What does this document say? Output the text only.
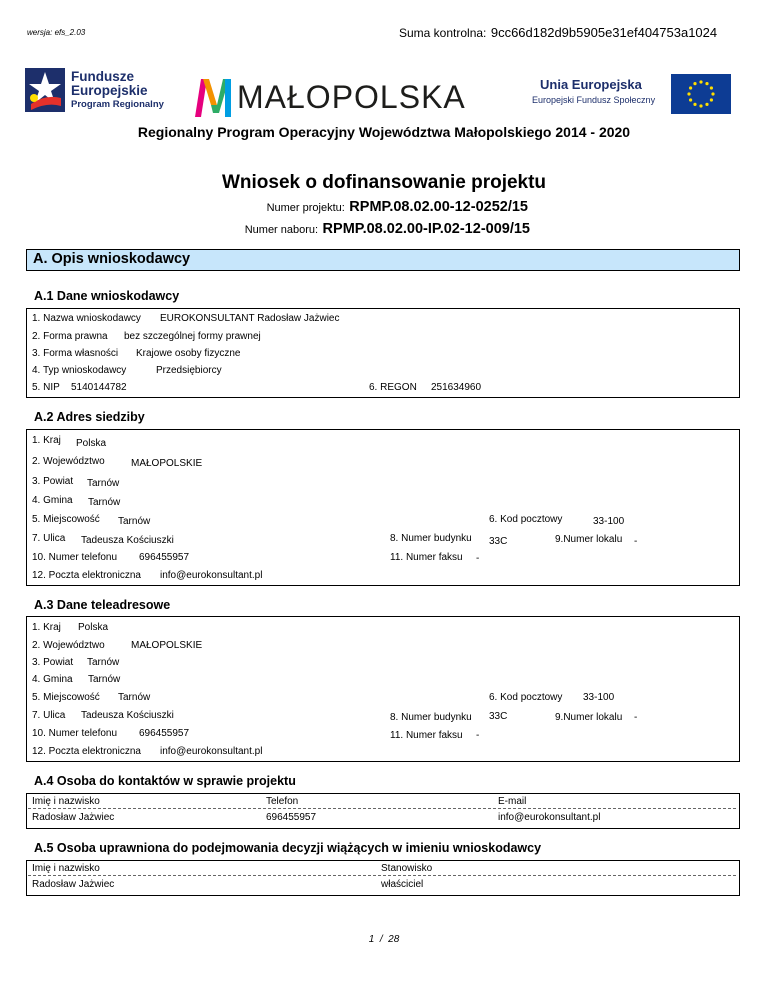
wersja: efs_2.03	Suma kontrolna: 9cc66d182d9b5905e31ef404753a1024
Fundusze
Europejskie
Program Regionalny MAŁOPOLSKA	Unia Europejska
Europejski Fundusz Społeczny
Regionalny Program Operacyjny Województwa Małopolskiego 2014 - 2020
Wniosek o dofinansowanie projektu
Numer projektu: RPMP.08.02.00-12-0252/15
Numer naboru: RPMP.08.02.00-IP.02-12-009/15
A. Opis wnioskodawcy
A.1 Dane wnioskodawcy
1. Nazwa wnioskodawcy EUROKONSULTANT Radosław Jażwiec
2. Forma prawna bez szczególnej formy prawnej
3. Forma własności Krajowe osoby fizyczne
4. Typ wnioskodawcy	Przedsiębiorcy
5. NIP 5140144782	6. REGON 251634960
A.2 Adres siedziby
1. Kraj Polska
2. Województwo	MAŁOPOLSKIE
3. Powiat Tarnów
4. Gmina Tarnów
5. Miejscowość Tarnów	6. Kod pocztowy	33-100
7. Ulica Tadeusza Kościuszki	8. Numer budynku 33C	9.Numer lokalu -
10. Numer telefonu 696455957	11. Numer faksu -
12. Poczta elektroniczna info@eurokonsultant.pl
A.3 Dane teleadresowe
1. Kraj Polska
2. Województwo	MAŁOPOLSKIE
3. Powiat Tarnów
4. Gmina Tarnów
5. Miejscowość Tarnów	6. Kod pocztowy 33-100
7. Ulica Tadeusza Kościuszki	8. Numer budynku 33C	9.Numer lokalu -
10. Numer telefonu 696455957	11. Numer faksu -
12. Poczta elektroniczna info@eurokonsultant.pl
A.4 Osoba do kontaktów w sprawie projektu
Imię i nazwisko	Telefon	E-mail
Radosław Jażwiec	696455957	info@eurokonsultant.pl
A.5 Osoba uprawniona do podejmowania decyzji wiążących w imieniu wnioskodawcy
Imię i nazwisko	Stanowisko
Radosław Jażwiec	właściciel
1 / 28
